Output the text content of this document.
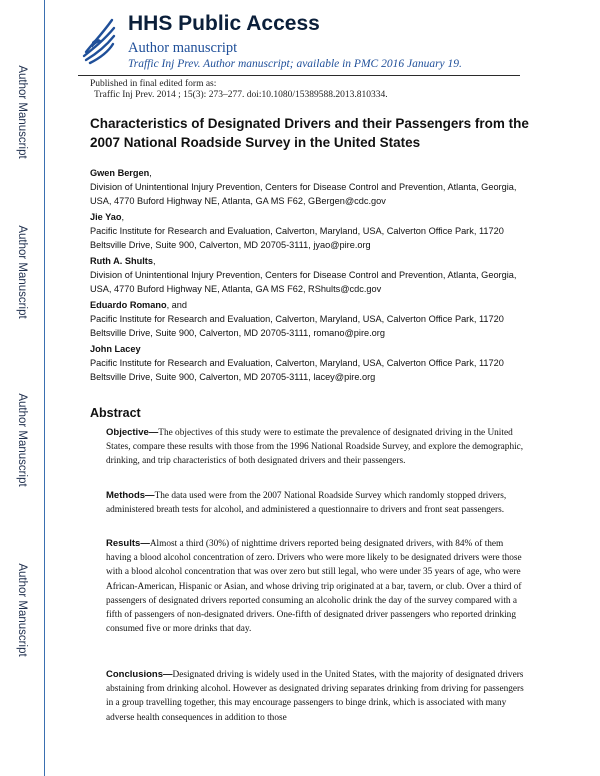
Author Manuscript
Author Manuscript
Author Manuscript
Author Manuscript
HHS Public Access
Author manuscript
Traffic Inj Prev. Author manuscript; available in PMC 2016 January 19.
Published in final edited form as:
Traffic Inj Prev. 2014 ; 15(3): 273–277. doi:10.1080/15389588.2013.810334.
Characteristics of Designated Drivers and their Passengers from the 2007 National Roadside Survey in the United States
Gwen Bergen,
Division of Unintentional Injury Prevention, Centers for Disease Control and Prevention, Atlanta, Georgia, USA, 4770 Buford Highway NE, Atlanta, GA MS F62, GBergen@cdc.gov
Jie Yao,
Pacific Institute for Research and Evaluation, Calverton, Maryland, USA, Calverton Office Park, 11720 Beltsville Drive, Suite 900, Calverton, MD 20705-3111, jyao@pire.org
Ruth A. Shults,
Division of Unintentional Injury Prevention, Centers for Disease Control and Prevention, Atlanta, Georgia, USA, 4770 Buford Highway NE, Atlanta, GA MS F62, RShults@cdc.gov
Eduardo Romano, and
Pacific Institute for Research and Evaluation, Calverton, Maryland, USA, Calverton Office Park, 11720 Beltsville Drive, Suite 900, Calverton, MD 20705-3111, romano@pire.org
John Lacey
Pacific Institute for Research and Evaluation, Calverton, Maryland, USA, Calverton Office Park, 11720 Beltsville Drive, Suite 900, Calverton, MD 20705-3111, lacey@pire.org
Abstract
Objective—The objectives of this study were to estimate the prevalence of designated driving in the United States, compare these results with those from the 1996 National Roadside Survey, and explore the demographic, drinking, and trip characteristics of both designated drivers and their passengers.
Methods—The data used were from the 2007 National Roadside Survey which randomly stopped drivers, administered breath tests for alcohol, and administered a questionnaire to drivers and front seat passengers.
Results—Almost a third (30%) of nighttime drivers reported being designated drivers, with 84% of them having a blood alcohol concentration of zero. Drivers who were more likely to be designated drivers were those with a blood alcohol concentration that was over zero but still legal, who were under 35 years of age, who were African-American, Hispanic or Asian, and whose driving trip originated at a bar, tavern, or club. Over a third of passengers of designated drivers reported consuming an alcoholic drink the day of the survey compared with a fifth of passengers of non-designated drivers. One-fifth of designated driver passengers who reported drinking consumed five or more drinks that day.
Conclusions—Designated driving is widely used in the United States, with the majority of designated drivers abstaining from drinking alcohol. However as designated driving separates drinking from driving for passengers in a group travelling together, this may encourage passengers to binge drink, which is associated with many adverse health consequences in addition to those
